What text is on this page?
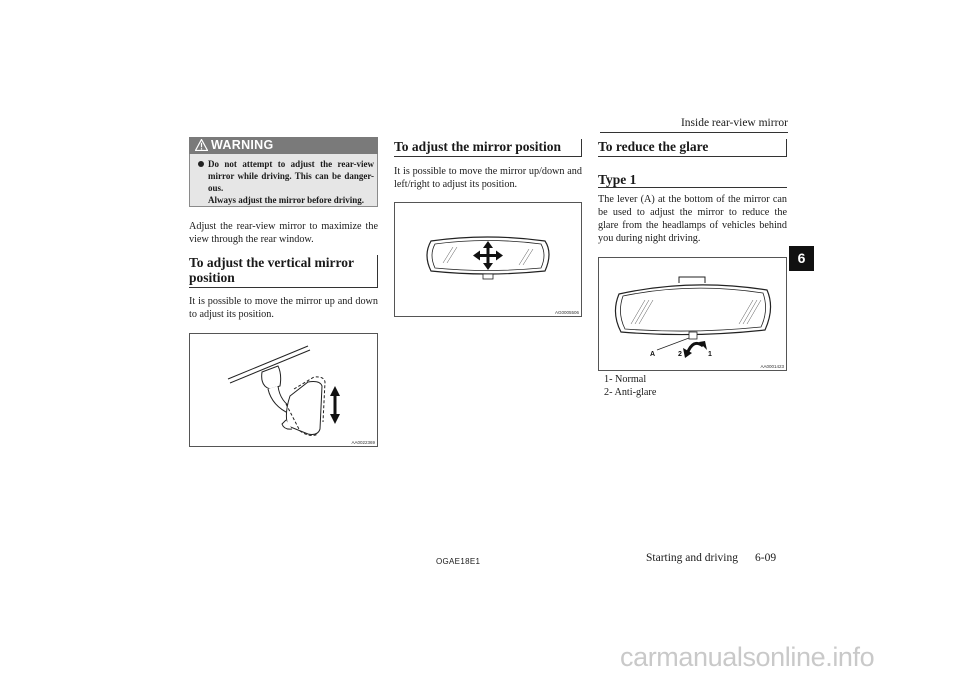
Inside rear-view mirror
WARNING

Do not attempt to adjust the rear-view mirror while driving. This can be danger-ous.

Always adjust the mirror before driving.

Adjust the rear-view mirror to maximize the view through the rear window.
To adjust the vertical mirror
position
It is possible to move the mirror up and down to adjust its position.
AA0022369
To adjust the mirror position
It is possible to move the mirror up/down and left/right to adjust its position.
AG0005506
To reduce the glare
Type 1
The lever (A) at the bottom of the mirror can be used to adjust the mirror to reduce the glare from the headlamps of vehicles behind you during night driving.
A	2	1
AA0001423
1- Normal
2- Anti-glare
6
OGAE18E1	Starting and driving 6-09
carmanualsonline.info
